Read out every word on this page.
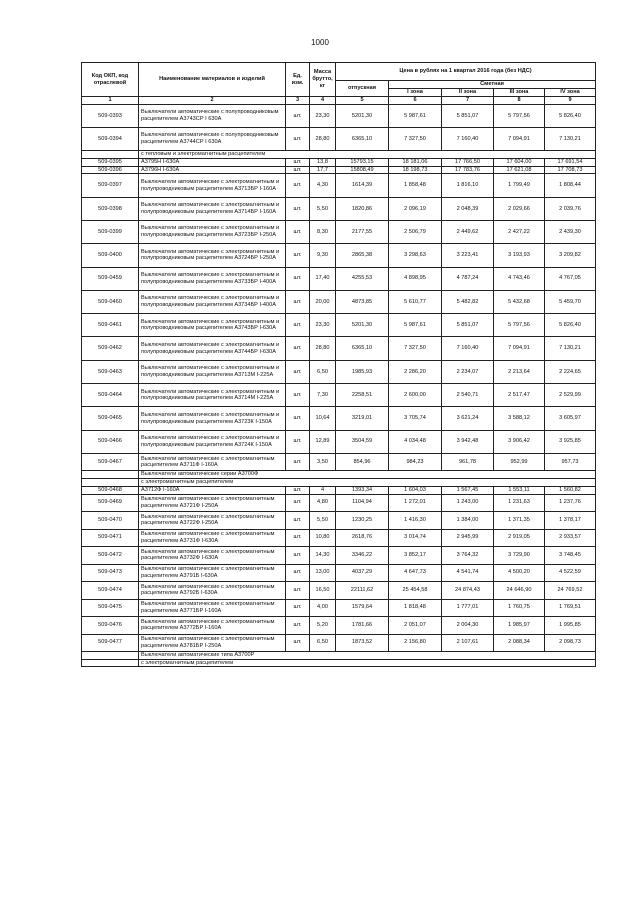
1000
Код ОКП, код отраслевой	Наименование материалов и изделий	Ед. изм.	Масса брутто, кг	Цена в рублях на 1 квартал 2016 года (без НДС)				
				отпускная	Сметная			
					I зона	II зона	III зона	IV зона
1	2	3	4	5	6	7	8	9
509-0393	Выключатели автоматические с полупроводниковым расцепителем А3743СР I 630А	шт.	23,30	5201,30	5 987,61	5 851,07	5 797,56	5 826,40
509-0394	Выключатели автоматические с полупроводниковым расцепителем А3744СР I 630А	шт.	28,80	6365,10	7 327,50	7 160,40	7 094,91	7 130,21
	с тепловым и электромагнитным расцепителем							
509-0395	А3795Н I-630А	шт.	13,8	15793,15	18 181,06	17 766,50	17 604,00	17 691,54
509-0396	А3796Н I-630А	шт.	17,7	15808,49	18 198,73	17 783,76	17 621,08	17 708,73
509-0397	Выключатели автоматические с электромагнитным и полупроводниковым расцепителем А3713БР I-160А	шт.	4,30	1614,39	1 858,48	1 816,10	1 799,49	1 808,44
509-0398	Выключатели автоматические с электромагнитным и полупроводниковым расцепителем А3714БР I-160А	шт.	5,50	1820,86	2 096,19	2 048,39	2 029,66	2 039,76
509-0399	Выключатели автоматические с электромагнитным и полупроводниковым расцепителем А3723БР I-250А	шт.	8,30	2177,55	2 506,79	2 449,62	2 427,22	2 439,30
509-0400	Выключатели автоматические с электромагнитным и полупроводниковым расцепителем А3724БР I-250А	шт.	9,30	2865,38	3 298,63	3 223,41	3 193,93	3 209,82
509-0459	Выключатели автоматические с электромагнитным и полупроводниковым расцепителем А3733БР I-400А	шт.	17,40	4255,53	4 898,95	4 787,24	4 743,46	4 767,05
509-0460	Выключатели автоматические с электромагнитным и полупроводниковым расцепителем А3734БР I-400А	шт.	20,00	4873,85	5 610,77	5 482,82	5 432,68	5 459,70
509-0461	Выключатели автоматические с электромагнитным и полупроводниковым расцепителем А3743БР I-630А	шт.	23,30	5201,30	5 987,61	5 851,07	5 797,56	5 826,40
509-0462	Выключатели автоматические с электромагнитным и полупроводниковым расцепителем А3744БР I-630А	шт.	28,80	6365,10	7 327,50	7 160,40	7 094,91	7 130,21
509-0463	Выключатели автоматические с электромагнитным и полупроводниковым расцепителем А3713М I-225А	шт.	6,50	1985,93	2 286,20	2 234,07	2 213,64	2 224,65
509-0464	Выключатели автоматические с электромагнитным и полупроводниковым расцепителем А3714М I-225А	шт.	7,30	2258,51	2 600,00	2 540,71	2 517,47	2 529,99
509-0465	Выключатели автоматические с электромагнитным и полупроводниковым расцепителем А3723К I-150А	шт.	10,64	3219,01	3 705,74	3 621,24	3 588,12	3 605,97
509-0466	Выключатели автоматические с электромагнитным и полупроводниковым расцепителем А3724К I-150А	шт.	12,89	3504,59	4 034,48	3 942,48	3 906,42	3 925,85
509-0467	Выключатели автоматические с электромагнитным расцепителем А3711Ф I-160А	шт.	3,50	854,96	984,23	961,78	952,99	957,73
	Выключатели автоматические серии А3700Ф							
	с электромагнитным расцепителем							
509-0468	А3712Ф I-160А	шт.	4	1393,34	1 604,03	1 567,45	1 553,11	1 560,82
509-0469	Выключатели автоматические с электромагнитным расцепителем А3721Ф I-250А	шт.	4,80	1104,94	1 272,01	1 243,00	1 231,63	1 237,76
509-0470	Выключатели автоматические с электромагнитным расцепителем А3722Ф I-250А	шт.	5,50	1230,25	1 416,30	1 384,00	1 371,35	1 378,17
509-0471	Выключатели автоматические с электромагнитным расцепителем А3731Ф I-630А	шт.	10,80	2618,76	3 014,74	2 945,99	2 919,05	2 933,57
509-0472	Выключатели автоматические с электромагнитным расцепителем А3732Ф I-630А	шт.	14,30	3346,22	3 852,17	3 764,32	3 729,90	3 748,45
509-0473	Выключатели автоматические с электромагнитным расцепителем А3791Б I-630А	шт.	13,00	4037,29	4 647,73	4 541,74	4 500,20	4 522,59
509-0474	Выключатели автоматические с электромагнитным расцепителем А3792Б I-630А	шт.	16,50	22111,62	25 454,58	24 874,43	24 646,90	24 769,52
509-0475	Выключатели автоматические с электромагнитным расцепителем А3771БР I-160А	шт.	4,00	1579,64	1 818,48	1 777,01	1 760,75	1 769,51
509-0476	Выключатели автоматические с электромагнитным расцепителем А3772БР I-160А	шт.	5,20	1781,66	2 051,07	2 004,30	1 985,97	1 995,85
509-0477	Выключатели автоматические с электромагнитным расцепителем А3781БР I-250А	шт.	6,50	1873,52	2 156,80	2 107,61	2 088,34	2 098,73
	Выключатели автоматические типа А3700Р							
	с электромагнитным расцепителем							
